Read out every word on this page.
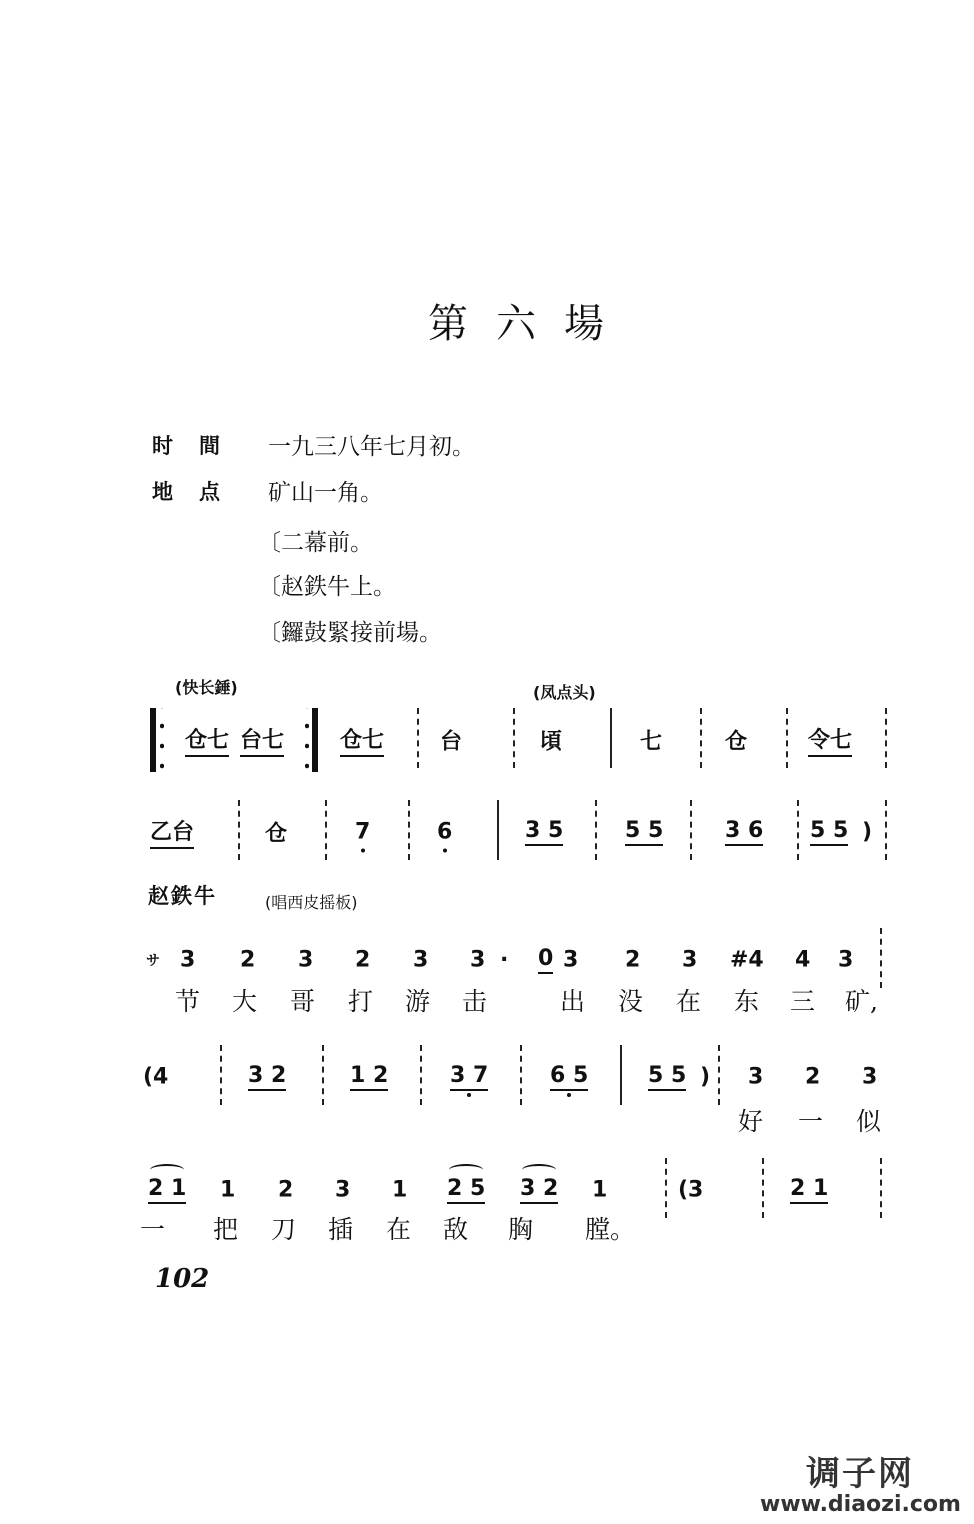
第六場
时間 一九三八年七月初。
地点 矿山一角。
〔二幕前。
〔赵鉄牛上。
〔鑼鼓緊接前場。
(快长錘)	(凤点头)
赵鉄牛	(唱西皮摇板)
仓七 台七	仓七	台	頃	七	仓	令七
乙台	仓	7	6	3 5	5 5	3 6 5 5 )
サ 3 2 3 2 3 3 · 0 3 2 3 #4 4 3
节 大 哥 打 游 击	出 没 在 东 三 矿,
(4	3 2	1 2	3 7	6 5	5 5 ) 3 2 3
好 一 似
2 1 1 2 3 1 2 5 3 2 1	(3	2 1
一 把 刀 插 在 敌 胸 膛。
102
调子网
www.diaozi.com
